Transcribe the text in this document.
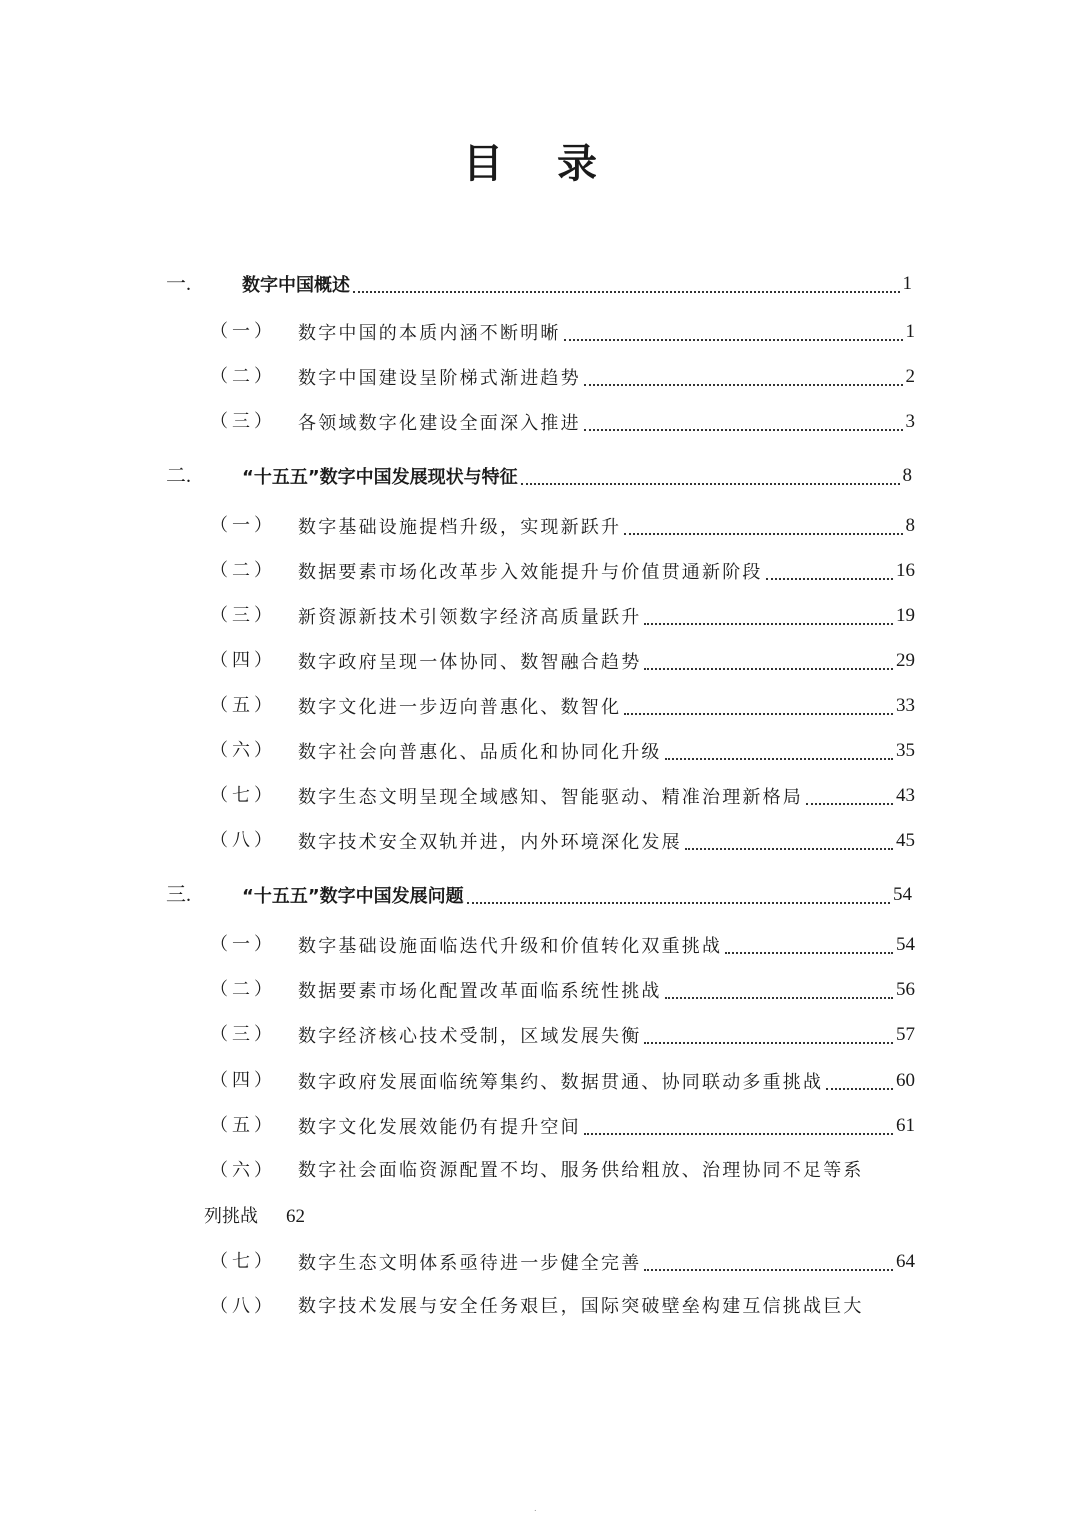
目 录
一.	数字中国概述	1
（一） 数字中国的本质内涵不断明晰	1
（二） 数字中国建设呈阶梯式渐进趋势	2
（三） 各领域数字化建设全面深入推进	3
二.	“十五五”数字中国发展现状与特征	8
（一） 数字基础设施提档升级，实现新跃升	8
（二） 数据要素市场化改革步入效能提升与价值贯通新阶段	16
（三） 新资源新技术引领数字经济高质量跃升	19
（四） 数字政府呈现一体协同、数智融合趋势	29
（五） 数字文化进一步迈向普惠化、数智化	33
（六） 数字社会向普惠化、品质化和协同化升级	35
（七） 数字生态文明呈现全域感知、智能驱动、精准治理新格局	43
（八） 数字技术安全双轨并进，内外环境深化发展	45
三.	“十五五”数字中国发展问题	54
（一） 数字基础设施面临迭代升级和价值转化双重挑战	54
（二） 数据要素市场化配置改革面临系统性挑战	56
（三） 数字经济核心技术受制，区域发展失衡	57
（四） 数字政府发展面临统筹集约、数据贯通、协同联动多重挑战	60
（五） 数字文化发展效能仍有提升空间	61
（六） 数字社会面临资源配置不均、服务供给粗放、治理协同不足等系
列挑战 62
（七） 数字生态文明体系亟待进一步健全完善	64
（八） 数字技术发展与安全任务艰巨，国际突破壁垒构建互信挑战巨大
.
